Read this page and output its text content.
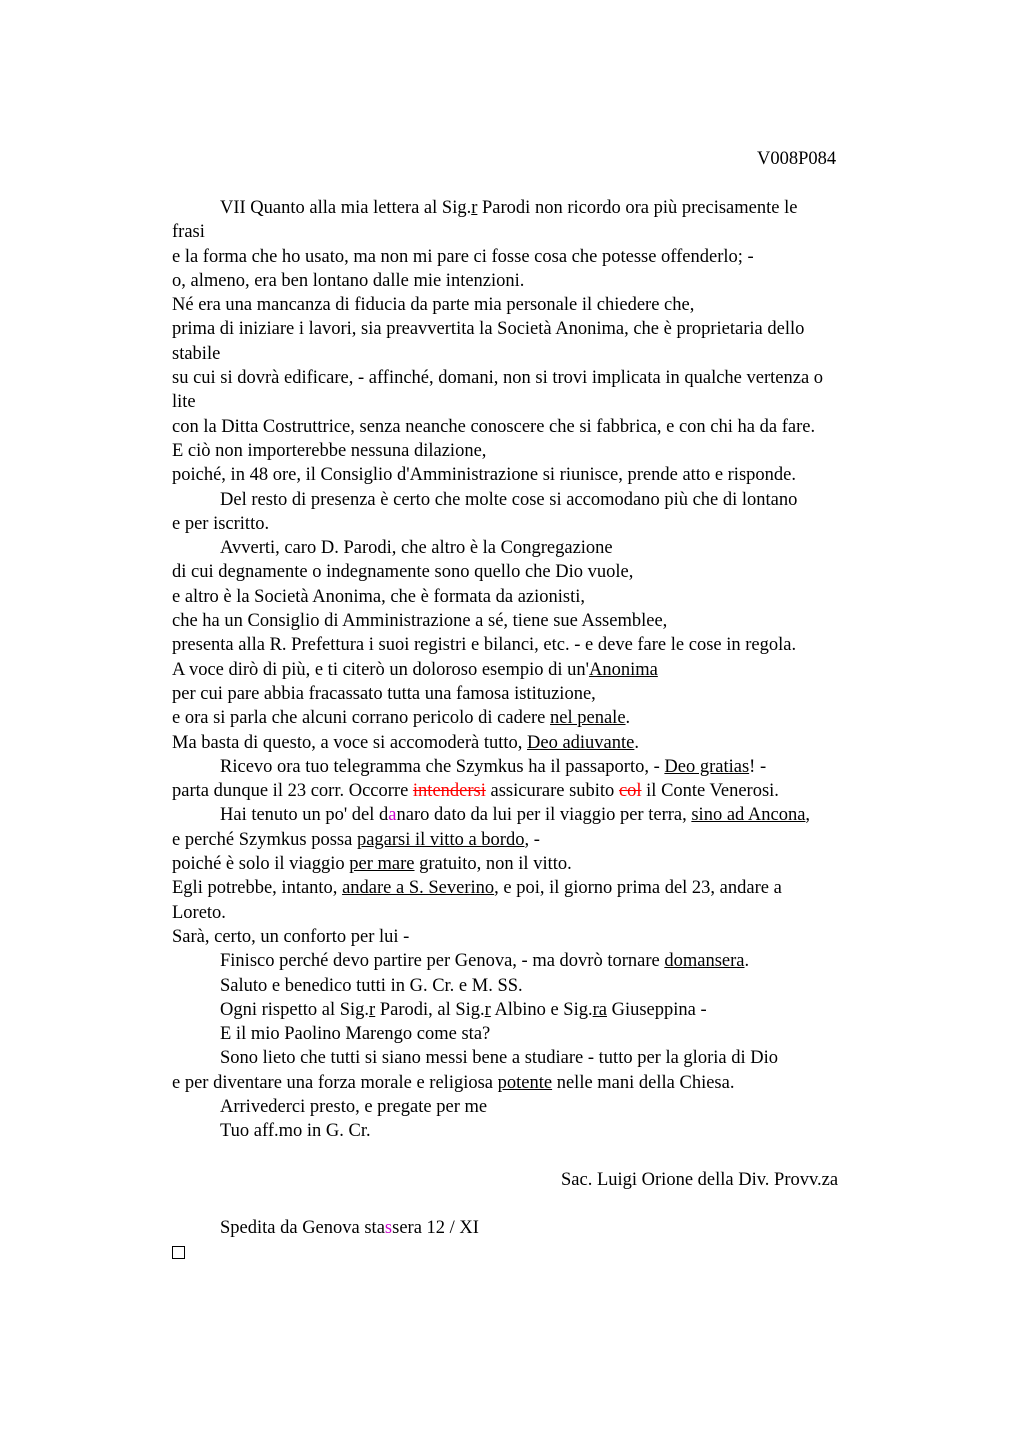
V008P084
VII Quanto alla mia lettera al Sig.r Parodi non ricordo ora più precisamente le
frasi
e la forma che ho usato, ma non mi pare ci fosse cosa che potesse offenderlo; -
o, almeno, era ben lontano dalle mie intenzioni.
Né era una mancanza di fiducia da parte mia personale il chiedere che,
prima di iniziare i lavori, sia preavvertita la Società Anonima, che è proprietaria dello
stabile
su cui si dovrà edificare, - affinché, domani, non si trovi implicata in qualche vertenza o
lite
con la Ditta Costruttrice, senza neanche conoscere che si fabbrica, e con chi ha da fare.
E ciò non importerebbe nessuna dilazione,
poiché, in 48 ore, il Consiglio d'Amministrazione si riunisce, prende atto e risponde.
Del resto di presenza è certo che molte cose si accomodano più che di lontano
e per iscritto.
Avverti, caro D. Parodi, che altro è la Congregazione
di cui degnamente o indegnamente sono quello che Dio vuole,
e altro è la Società Anonima, che è formata da azionisti,
che ha un Consiglio di Amministrazione a sé, tiene sue Assemblee,
presenta alla R. Prefettura i suoi registri e bilanci, etc. - e deve fare le cose in regola.
A voce dirò di più, e ti citerò un doloroso esempio di un'Anonima
per cui pare abbia fracassato tutta una famosa istituzione,
e ora si parla che alcuni corrano pericolo di cadere nel penale.
Ma basta di questo, a voce si accomoderà tutto, Deo adiuvante.
Ricevo ora tuo telegramma che Szymkus ha il passaporto, - Deo gratias! -
parta dunque il 23 corr. Occorre intendersi assicurare subito col il Conte Venerosi.
Hai tenuto un po' del danaro dato da lui per il viaggio per terra, sino ad Ancona,
e perché Szymkus possa pagarsi il vitto a bordo, -
poiché è solo il viaggio per mare gratuito, non il vitto.
Egli potrebbe, intanto, andare a S. Severino, e poi, il giorno prima del 23, andare a
Loreto.
Sarà, certo, un conforto per lui -
Finisco perché devo partire per Genova, - ma dovrò tornare domansera.
Saluto e benedico tutti in G. Cr. e M. SS.
Ogni rispetto al Sig.r Parodi, al Sig.r Albino e Sig.ra Giuseppina -
E il mio Paolino Marengo come sta?
Sono lieto che tutti si siano messi bene a studiare - tutto per la gloria di Dio
e per diventare una forza morale e religiosa potente nelle mani della Chiesa.
Arrivederci presto, e pregate per me
Tuo aff.mo in G. Cr.
Sac. Luigi Orione della Div. Provv.za
Spedita da Genova stassera 12 / XI
